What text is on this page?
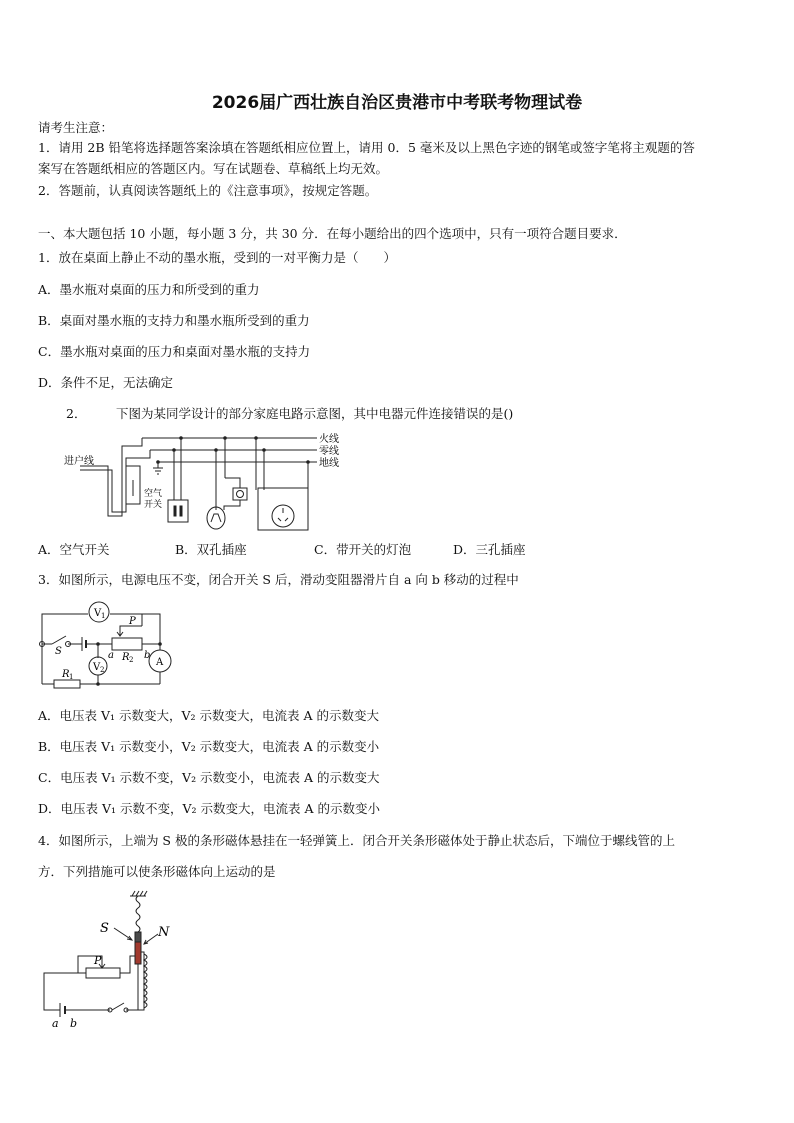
2026届广西壮族自治区贵港市中考联考物理试卷
请考生注意：
1．请用 2B 铅笔将选择题答案涂填在答题纸相应位置上，请用 0．5 毫米及以上黑色字迹的钢笔或签字笔将主观题的答
案写在答题纸相应的答题区内。写在试题卷、草稿纸上均无效。
2．答题前，认真阅读答题纸上的《注意事项》，按规定答题。
一、本大题包括 10 小题，每小题 3 分，共 30 分．在每小题给出的四个选项中，只有一项符合题目要求．
1．放在桌面上静止不动的墨水瓶，受到的一对平衡力是（　　）
A．墨水瓶对桌面的压力和所受到的重力
B．桌面对墨水瓶的支持力和墨水瓶所受到的重力
C．墨水瓶对桌面的压力和桌面对墨水瓶的支持力
D．条件不足，无法确定
2． 下图为某同学设计的部分家庭电路示意图，其中电器元件连接错误的是()
进户线
火线
零线
地线
空气
开关
A．空气开关	B．双孔插座	C．带开关的灯泡	D．三孔插座
3．如图所示，电源电压不变，闭合开关 S 后，滑动变阻器滑片自 a 向 b 移动的过程中
V 1
V 2
S
P
a	b
R 2 A
R 1
A．电压表 V₁ 示数变大，V₂ 示数变大，电流表 A 的示数变大
B．电压表 V₁ 示数变小，V₂ 示数变大，电流表 A 的示数变小
C．电压表 V₁ 示数不变，V₂ 示数变小，电流表 A 的示数变大
D．电压表 V₁ 示数不变，V₂ 示数变大，电流表 A 的示数变小
4．如图所示，上端为 S 极的条形磁体悬挂在一轻弹簧上．闭合开关条形磁体处于静止状态后，下端位于螺线管的上
方．下列措施可以使条形磁体向上运动的是
S	N
P
a b
